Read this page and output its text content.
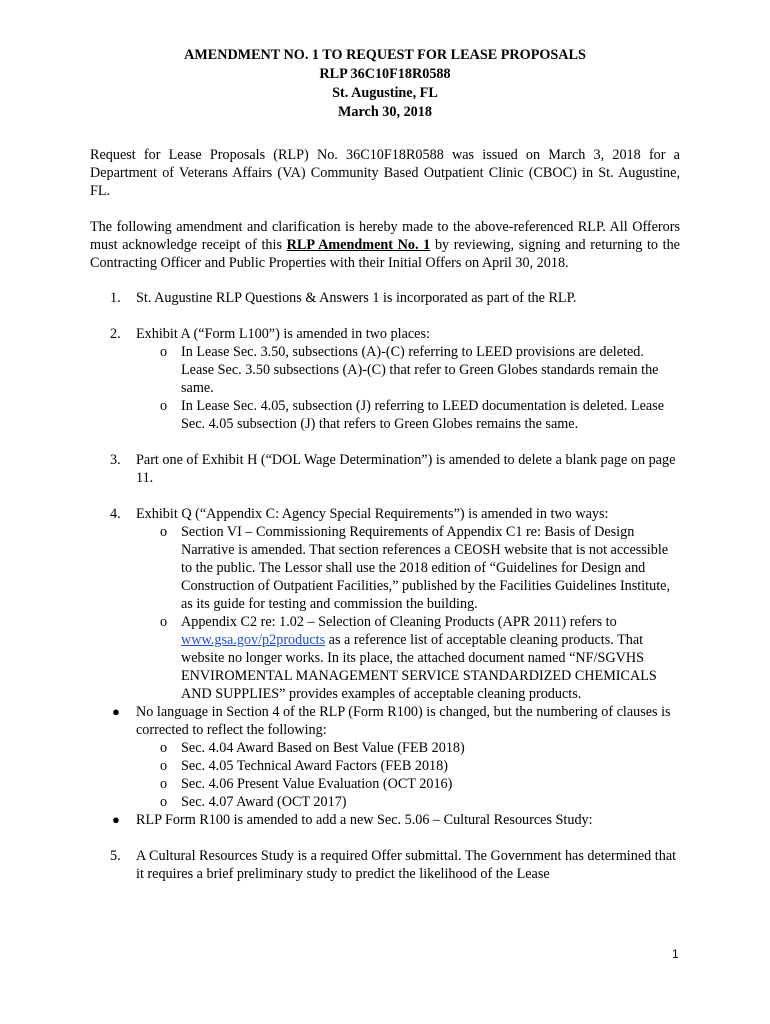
AMENDMENT NO. 1 TO REQUEST FOR LEASE PROPOSALS
RLP 36C10F18R0588
St. Augustine, FL
March 30, 2018

Request for Lease Proposals (RLP) No. 36C10F18R0588 was issued on March 3, 2018 for a Department of Veterans Affairs (VA) Community Based Outpatient Clinic (CBOC) in St. Augustine, FL.

The following amendment and clarification is hereby made to the above-referenced RLP. All Offerors must acknowledge receipt of this RLP Amendment No. 1 by reviewing, signing and returning to the Contracting Officer and Public Properties with their Initial Offers on April 30, 2018.

1. St. Augustine RLP Questions & Answers 1 is incorporated as part of the RLP.
2. Exhibit A (“Form L100”) is amended in two places:
o In Lease Sec. 3.50, subsections (A)-(C) referring to LEED provisions are deleted. Lease Sec. 3.50 subsections (A)-(C) that refer to Green Globes standards remain the same.
o In Lease Sec. 4.05, subsection (J) referring to LEED documentation is deleted. Lease Sec. 4.05 subsection (J) that refers to Green Globes remains the same.
3. Part one of Exhibit H (“DOL Wage Determination”) is amended to delete a blank page on page 11.
4. Exhibit Q (“Appendix C: Agency Special Requirements”) is amended in two ways:
o Section VI – Commissioning Requirements of Appendix C1 re: Basis of Design Narrative is amended. That section references a CEOSH website that is not accessible to the public. The Lessor shall use the 2018 edition of “Guidelines for Design and Construction of Outpatient Facilities,” published by the Facilities Guidelines Institute, as its guide for testing and commission the building.
o Appendix C2 re: 1.02 – Selection of Cleaning Products (APR 2011) refers to www.gsa.gov/p2products as a reference list of acceptable cleaning products. That website no longer works. In its place, the attached document named “NF/SGVHS ENVIROMENTAL MANAGEMENT SERVICE STANDARDIZED CHEMICALS AND SUPPLIES” provides examples of acceptable cleaning products.
● No language in Section 4 of the RLP (Form R100) is changed, but the numbering of clauses is corrected to reflect the following:
o Sec. 4.04 Award Based on Best Value (FEB 2018)
o Sec. 4.05 Technical Award Factors (FEB 2018)
o Sec. 4.06 Present Value Evaluation (OCT 2016)
o Sec. 4.07 Award (OCT 2017)
● RLP Form R100 is amended to add a new Sec. 5.06 – Cultural Resources Study:
5. A Cultural Resources Study is a required Offer submittal. The Government has determined that it requires a brief preliminary study to predict the likelihood of the Lease
1
